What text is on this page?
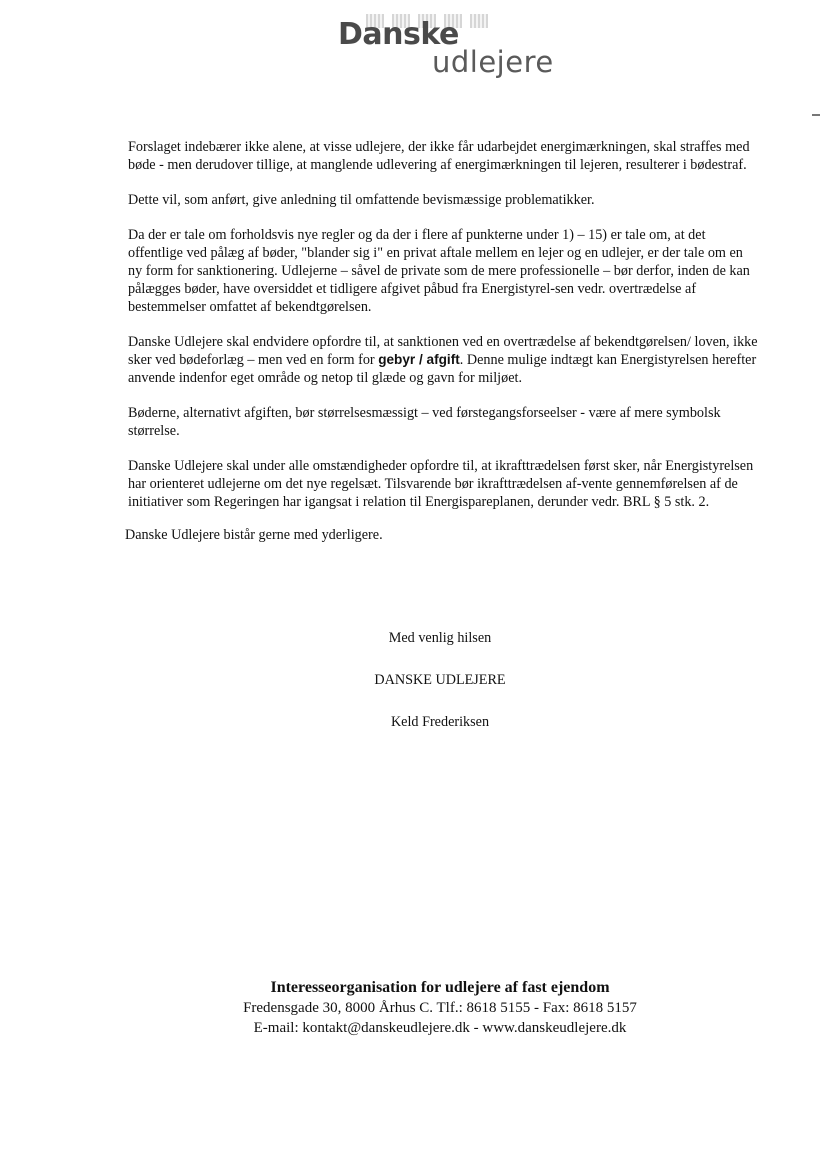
Danske
udlejere

Forslaget indebærer ikke alene, at visse udlejere, der ikke får udarbejdet energimærkningen, skal straffes med bøde - men derudover tillige, at manglende udlevering af energimærkningen til lejeren, resulterer i bødestraf.

Dette vil, som anført, give anledning til omfattende bevismæssige problematikker.

Da der er tale om forholdsvis nye regler og da der i flere af punkterne under 1) – 15) er tale om, at det offentlige ved pålæg af bøder, "blander sig i" en privat aftale mellem en lejer og en udlejer, er der tale om en ny form for sanktionering. Udlejerne – såvel de private som de mere professionelle – bør derfor, inden de kan pålægges bøder, have oversiddet et tidligere afgivet påbud fra Energistyrel-sen vedr. overtrædelse af bestemmelser omfattet af bekendtgørelsen.

Danske Udlejere skal endvidere opfordre til, at sanktionen ved en overtrædelse af bekendtgørelsen/ loven, ikke sker ved bødeforlæg – men ved en form for gebyr / afgift. Denne mulige indtægt kan Energistyrelsen herefter anvende indenfor eget område og netop til glæde og gavn for miljøet.

Bøderne, alternativt afgiften, bør størrelsesmæssigt – ved førstegangsforseelser - være af mere symbolsk størrelse.

Danske Udlejere skal under alle omstændigheder opfordre til, at ikrafttrædelsen først sker, når Energistyrelsen har orienteret udlejerne om det nye regelsæt. Tilsvarende bør ikrafttrædelsen af-vente gennemførelsen af de initiativer som Regeringen har igangsat i relation til Energispareplanen, derunder vedr. BRL § 5 stk. 2.

Danske Udlejere bistår gerne med yderligere.

Med venlig hilsen
DANSKE UDLEJERE
Keld Frederiksen
Interesseorganisation for udlejere af fast ejendom
Fredensgade 30, 8000 Århus C. Tlf.: 8618 5155 - Fax: 8618 5157
E-mail: kontakt@danskeudlejere.dk - www.danskeudlejere.dk
